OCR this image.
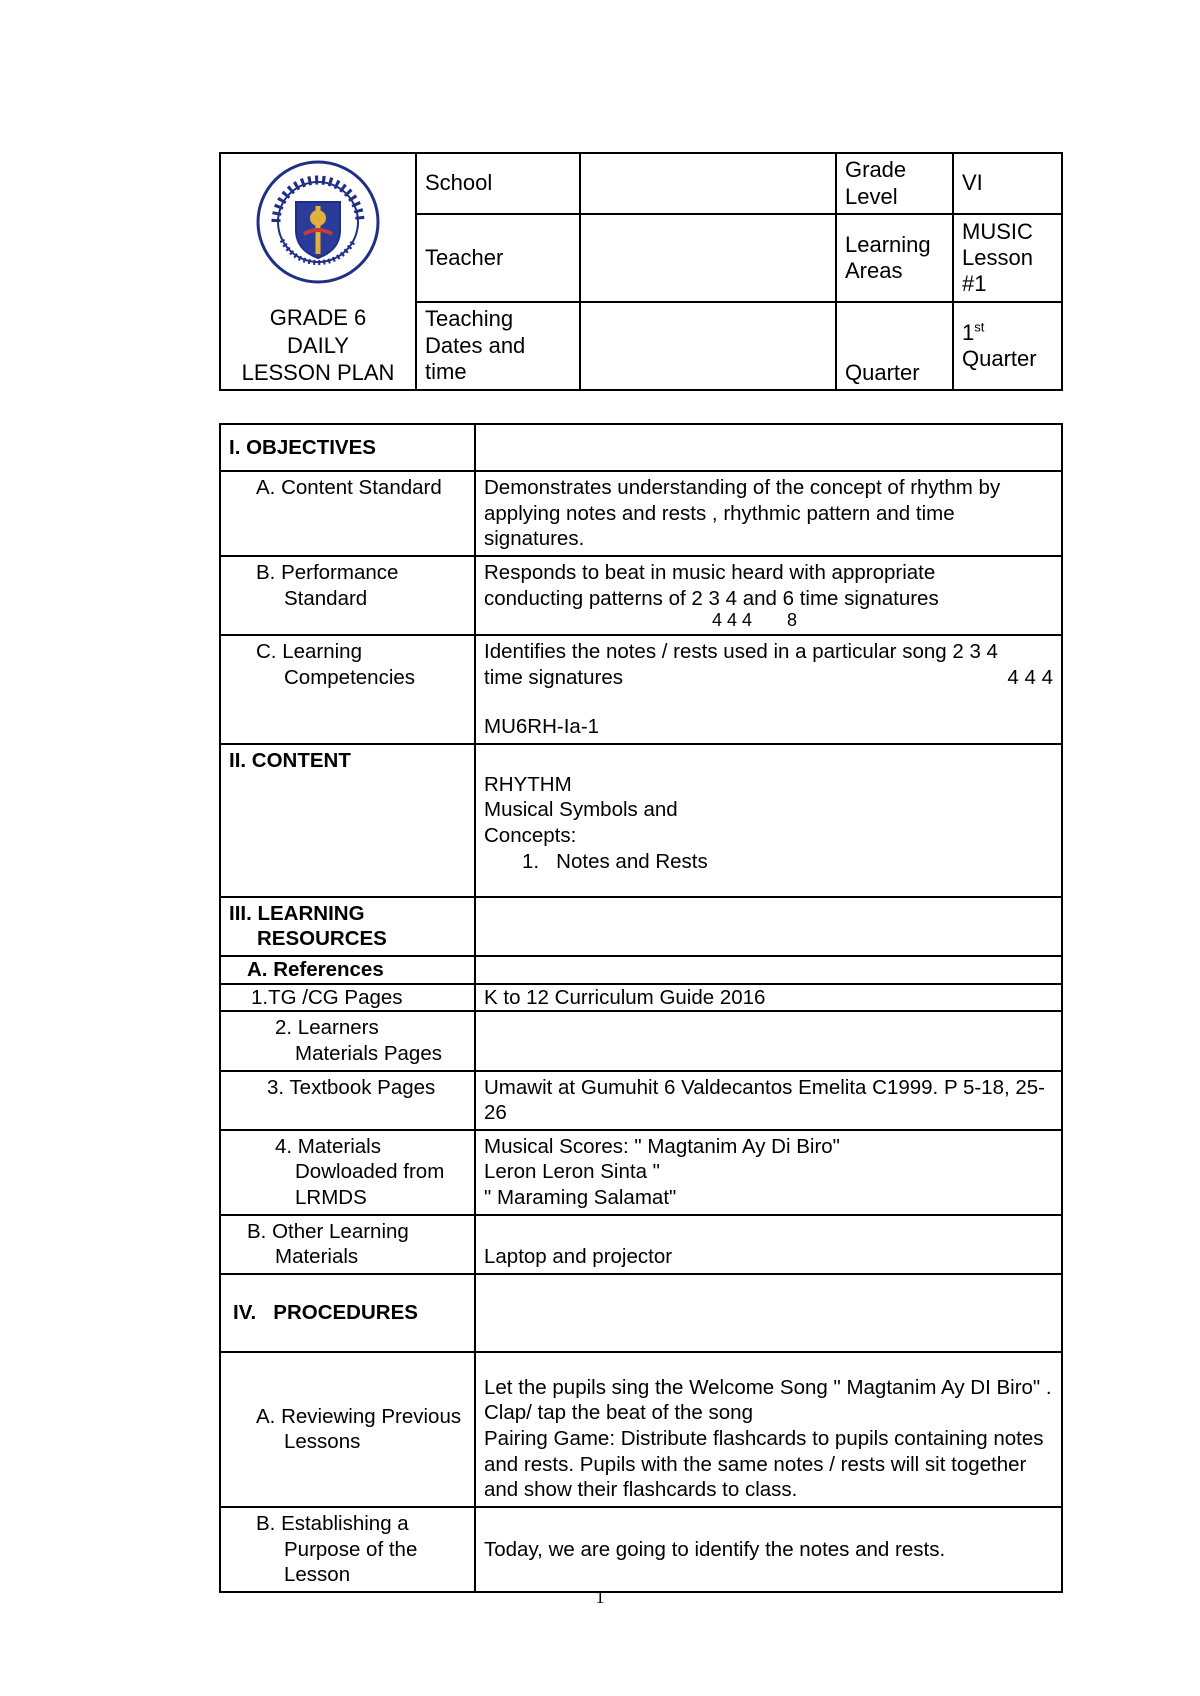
GRADE 6
DAILY
LESSON PLAN	School		Grade Level	VI
	Teacher		Learning Areas	MUSIC Lesson #1
	Teaching Dates and time		Quarter	1st
Quarter
I. OBJECTIVES	
A. Content Standard	Demonstrates understanding of the concept of rhythm by applying notes and rests , rhythmic pattern and time signatures.

B. Performance Standard	Responds to beat in music heard with appropriate
conducting patterns of 2 3 4 and 6 time signatures
4 4 4       8

C. Learning Competencies	Identifies the notes / rests used in a particular song 2 3 4
time signatures 4 4 4
MU6RH-Ia-1

II. CONTENT	RHYTHM
Musical Symbols and
Concepts:
1.   Notes and Rests

III. LEARNING RESOURCES	

A. References	
1.TG /CG Pages	K to 12 Curriculum Guide 2016

2. Learners Materials Pages	

3. Textbook Pages	Umawit at Gumuhit 6 Valdecantos Emelita C1999. P 5-18, 25-26

4. Materials Dowloaded from LRMDS	Musical Scores: " Magtanim Ay Di Biro"
Leron Leron Sinta "
" Maraming Salamat"

B. Other Learning Materials	Laptop and projector
IV.   PROCEDURES	

A. Reviewing Previous Lessons	Let the pupils sing the Welcome Song " Magtanim Ay DI Biro" . Clap/ tap the beat of the song
Pairing Game: Distribute flashcards to pupils containing notes and rests. Pupils with the same notes / rests will sit together and show their flashcards to class.

B. Establishing a Purpose of the Lesson	Today, we are going to identify the notes and rests.
1
